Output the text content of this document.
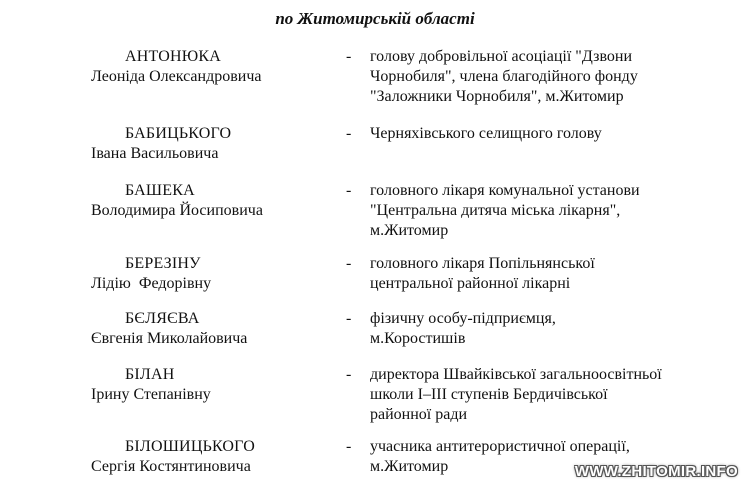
по Житомирській області
АНТОНЮКА
Леоніда Олександровича
- голову добровільної асоціації "Дзвони
Чорнобиля", члена благодійного фонду
"Заложники Чорнобиля", м.Житомир
БАБИЦЬКОГО
Івана Васильовича
- Черняхівського селищного голову
БАШЕКА
Володимира Йосиповича
- головного лікаря комунальної установи
"Центральна дитяча міська лікарня",
м.Житомир
БЕРЕЗІНУ
Лідію  Федорівну
- головного лікаря Попільнянської
центральної районної лікарні
БЄЛЯЄВА
Євгенія Миколайовича
- фізичну особу-підприємця,
м.Коростишів
БІЛАН
Ірину Степанівну
- директора Швайківської загальноосвітньої
школи І–ІІІ ступенів Бердичівської
районної ради
БІЛОШИЦЬКОГО
Сергія Костянтиновича
- учасника антитерористичної операції,
м.Житомир	WWW.ZHITOMIR.INFO
